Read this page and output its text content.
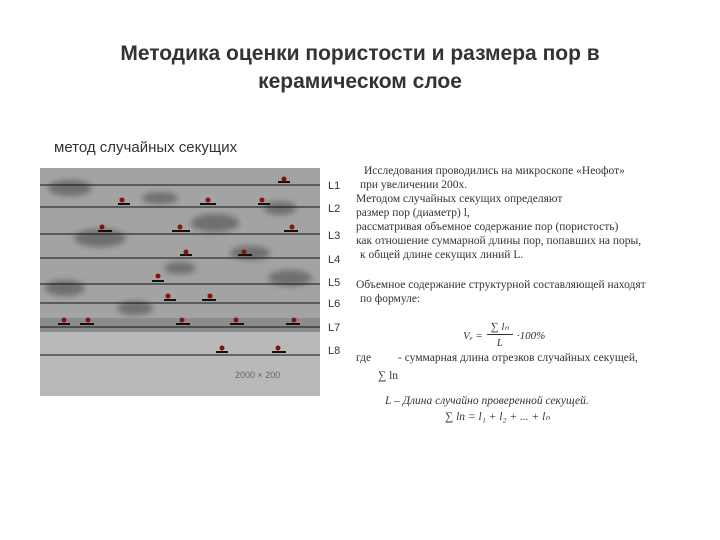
Методика оценки пористости и размера пор в
керамическом слое
метод случайных секущих
2000 × 200
L1
L2
L3
L4
L5
L6
L7
L8
Исследования проводились на микроскопе «Неофот»
при увеличении 200х.
Методом случайных секущих определяют
размер пор (диаметр) l,
рассматривая объемное содержание пор (пористость)
как отношение суммарной длины пор, попавших на поры,
к общей длине секущих линий L.
Объемное содержание структурной составляющей находят
по формуле:
Vₑ =	∑ lₙ	·100%
L
где - суммарная длина отрезков случайных секущей,
∑ ln
L – Длина случайно проверенной секущей.
∑ ln = l₁ + l₂ + ... + lₙ
